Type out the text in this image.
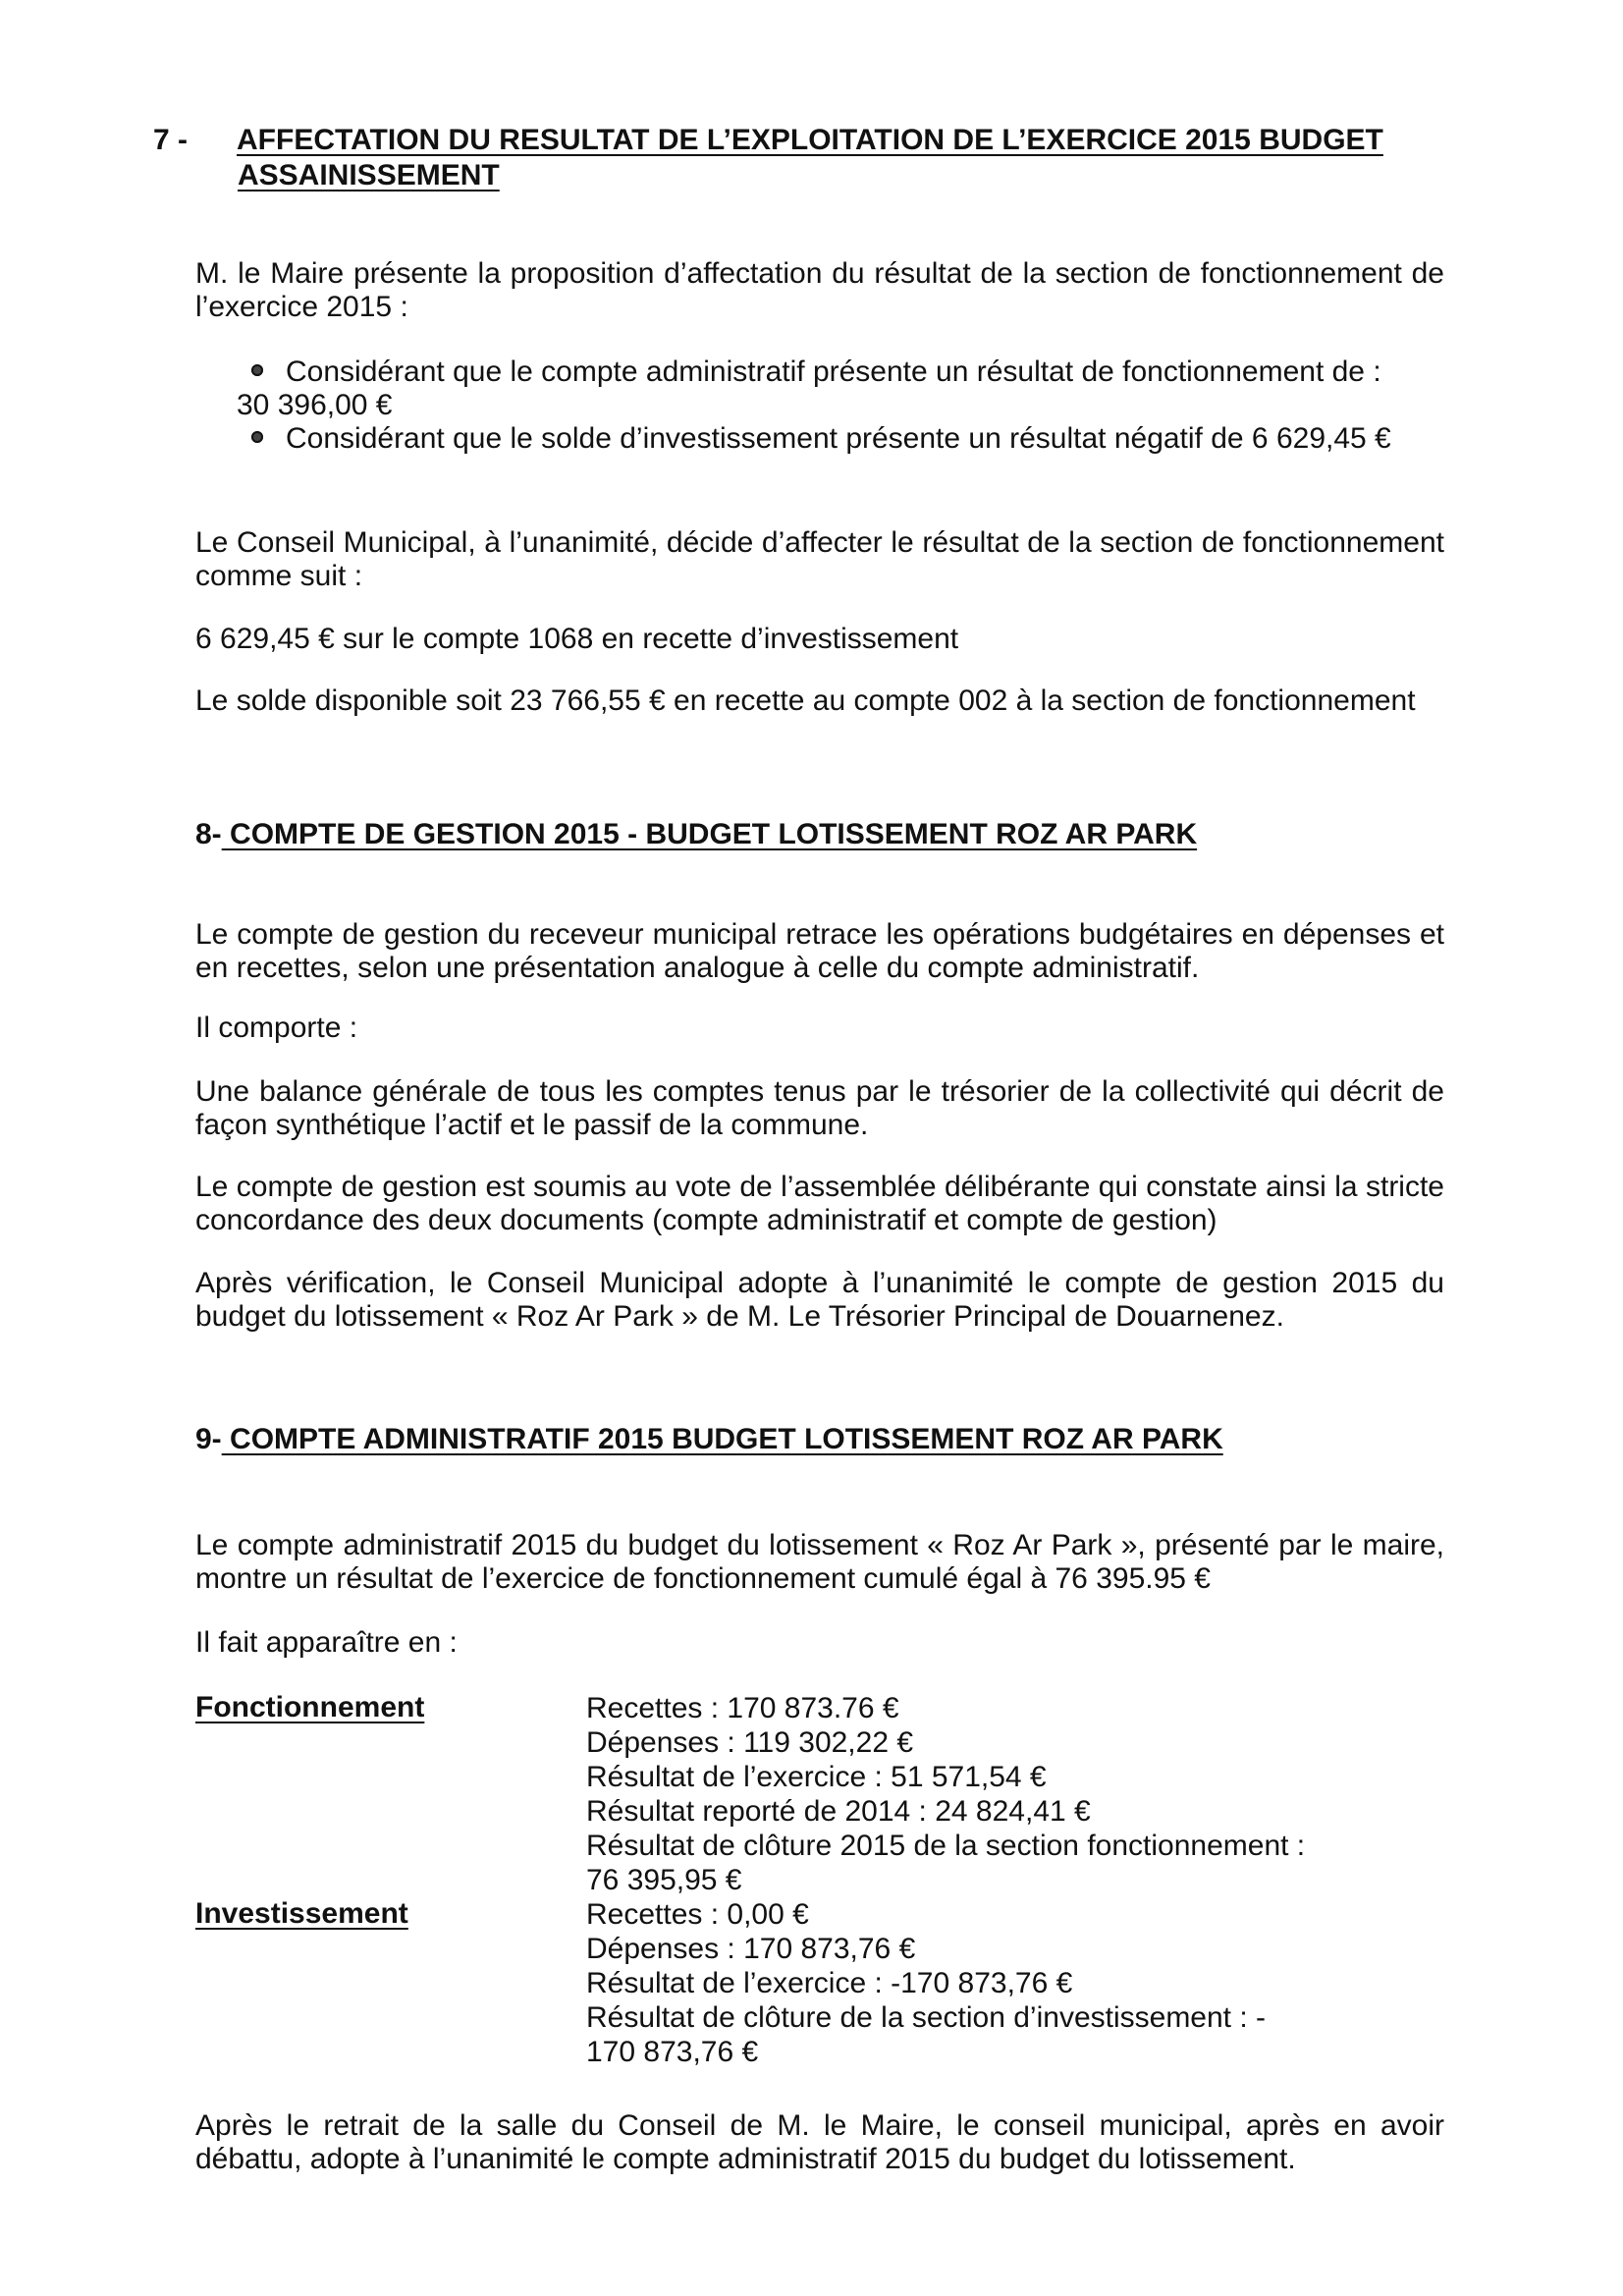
7 - AFFECTATION DU RESULTAT DE L’EXPLOITATION DE L’EXERCICE 2015 BUDGET ASSAINISSEMENT

M. le Maire présente la proposition d’affectation du résultat de la section de fonctionnement de l’exercice 2015 :

Considérant que le compte administratif présente un résultat de fonctionnement de :
30 396,00 €
Considérant que le solde d’investissement présente un résultat négatif de 6 629,45 €

Le Conseil Municipal, à l’unanimité, décide d’affecter le résultat de la section de fonctionnement comme suit :

6 629,45 € sur le compte 1068 en recette d’investissement

Le solde disponible soit 23 766,55 € en recette au compte 002 à la section de fonctionnement

8- COMPTE DE GESTION 2015 - BUDGET LOTISSEMENT ROZ AR PARK

Le compte de gestion du receveur municipal retrace les opérations budgétaires en dépenses et en recettes, selon une présentation analogue à celle du compte administratif.

Il comporte :

Une balance générale de tous les comptes tenus par le trésorier de la collectivité qui décrit de façon synthétique l’actif et le passif de la commune.

Le compte de gestion est soumis au vote de l’assemblée délibérante qui constate ainsi la stricte concordance des deux documents (compte administratif et compte de gestion)

Après vérification, le Conseil Municipal adopte à l’unanimité le compte de gestion 2015 du budget du lotissement « Roz Ar Park » de M. Le Trésorier Principal de Douarnenez.

9- COMPTE ADMINISTRATIF 2015 BUDGET LOTISSEMENT ROZ AR PARK

Le compte administratif 2015 du budget du lotissement « Roz Ar Park », présenté par le maire, montre un résultat de l’exercice de fonctionnement cumulé égal à 76 395.95 €

Il fait apparaître en :

Fonctionnement	Recettes : 170 873.76 €
Dépenses : 119 302,22 €
Résultat de l’exercice : 51 571,54 €
Résultat reporté de 2014 : 24 824,41 €
Résultat de clôture 2015 de la section fonctionnement :
76 395,95 €

Investissement	Recettes : 0,00 €
Dépenses : 170 873,76 €
Résultat de l’exercice : -170 873,76 €
Résultat de clôture de la section d’investissement : -
170 873,76 €

Après le retrait de la salle du Conseil de M. le Maire, le conseil municipal, après en avoir débattu, adopte à l’unanimité le compte administratif 2015 du budget du lotissement.
